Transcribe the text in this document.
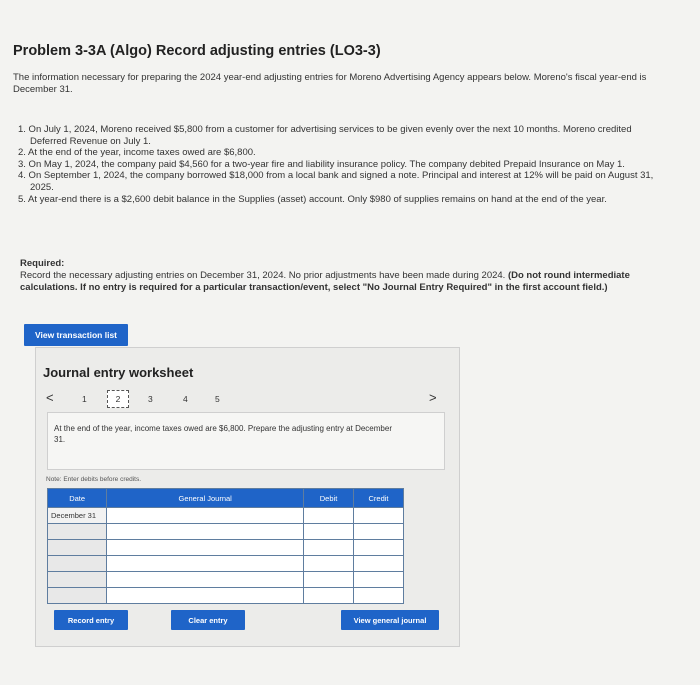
Problem 3-3A (Algo) Record adjusting entries (LO3-3)
The information necessary for preparing the 2024 year-end adjusting entries for Moreno Advertising Agency appears below. Moreno's fiscal year-end is December 31.
1. On July 1, 2024, Moreno received $5,800 from a customer for advertising services to be given evenly over the next 10 months. Moreno credited Deferred Revenue on July 1.
2. At the end of the year, income taxes owed are $6,800.
3. On May 1, 2024, the company paid $4,560 for a two-year fire and liability insurance policy. The company debited Prepaid Insurance on May 1.
4. On September 1, 2024, the company borrowed $18,000 from a local bank and signed a note. Principal and interest at 12% will be paid on August 31, 2025.
5. At year-end there is a $2,600 debit balance in the Supplies (asset) account. Only $980 of supplies remains on hand at the end of the year.
Required:
Record the necessary adjusting entries on December 31, 2024. No prior adjustments have been made during 2024. (Do not round intermediate calculations. If no entry is required for a particular transaction/event, select "No Journal Entry Required" in the first account field.)
View transaction list
Journal entry worksheet
<	1	2	3	4	5	>
At the end of the year, income taxes owed are $6,800. Prepare the adjusting entry at December 31.
Note: Enter debits before credits.
Date	General Journal	Debit	Credit
December 31			

Record entry	Clear entry	View general journal
